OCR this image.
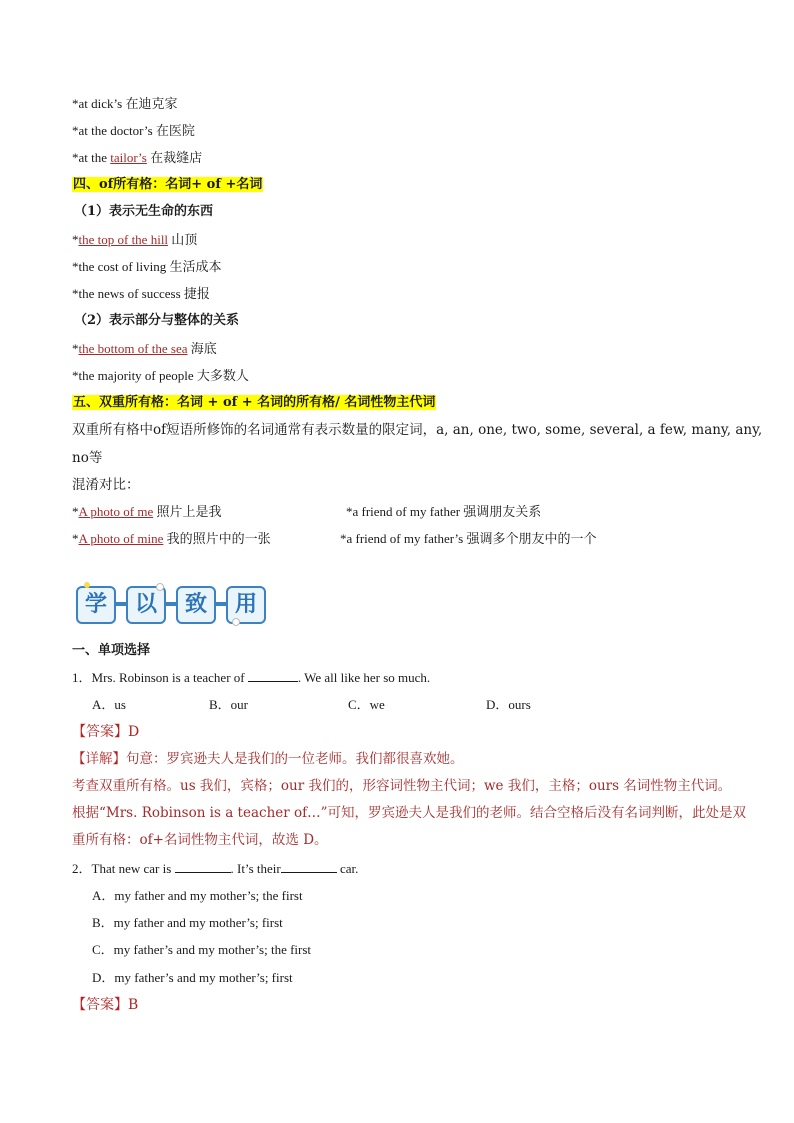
*at dick’s 在迪克家
*at the doctor’s 在医院
*at the tailor’s 在裁缝店
四、of所有格：名词+ of +名词
（1）表示无生命的东西
*the top of the hill 山顶
*the cost of living 生活成本
*the news of success 捷报
（2）表示部分与整体的关系
*the bottom of the sea 海底
*the majority of people 大多数人
五、双重所有格：名词 + of + 名词的所有格/ 名词性物主代词
双重所有格中of短语所修饰的名词通常有表示数量的限定词，a, an, one, two, some, several, a few, many, any,
no等
混淆对比：
*A photo of me 照片上是我	*a friend of my father 强调朋友关系
*A photo of mine 我的照片中的一张	*a friend of my father’s 强调多个朋友中的一个
学	以	致	用
一、单项选择
1．Mrs. Robinson is a teacher of	. We all like her so much.
A．us	B．our	C．we	D．ours
【答案】D
【详解】句意：罗宾逊夫人是我们的一位老师。我们都很喜欢她。
考查双重所有格。us 我们，宾格；our 我们的，形容词性物主代词；we 我们，主格；ours 名词性物主代词。
根据“Mrs. Robinson is a teacher of…”可知，罗宾逊夫人是我们的老师。结合空格后没有名词判断，此处是双
重所有格：of+名词性物主代词，故选 D。
2．That new car is	. It’s their	car.
A．my father and my mother’s; the first
B．my father and my mother’s; first
C．my father’s and my mother’s; the first
D．my father’s and my mother’s; first
【答案】B
